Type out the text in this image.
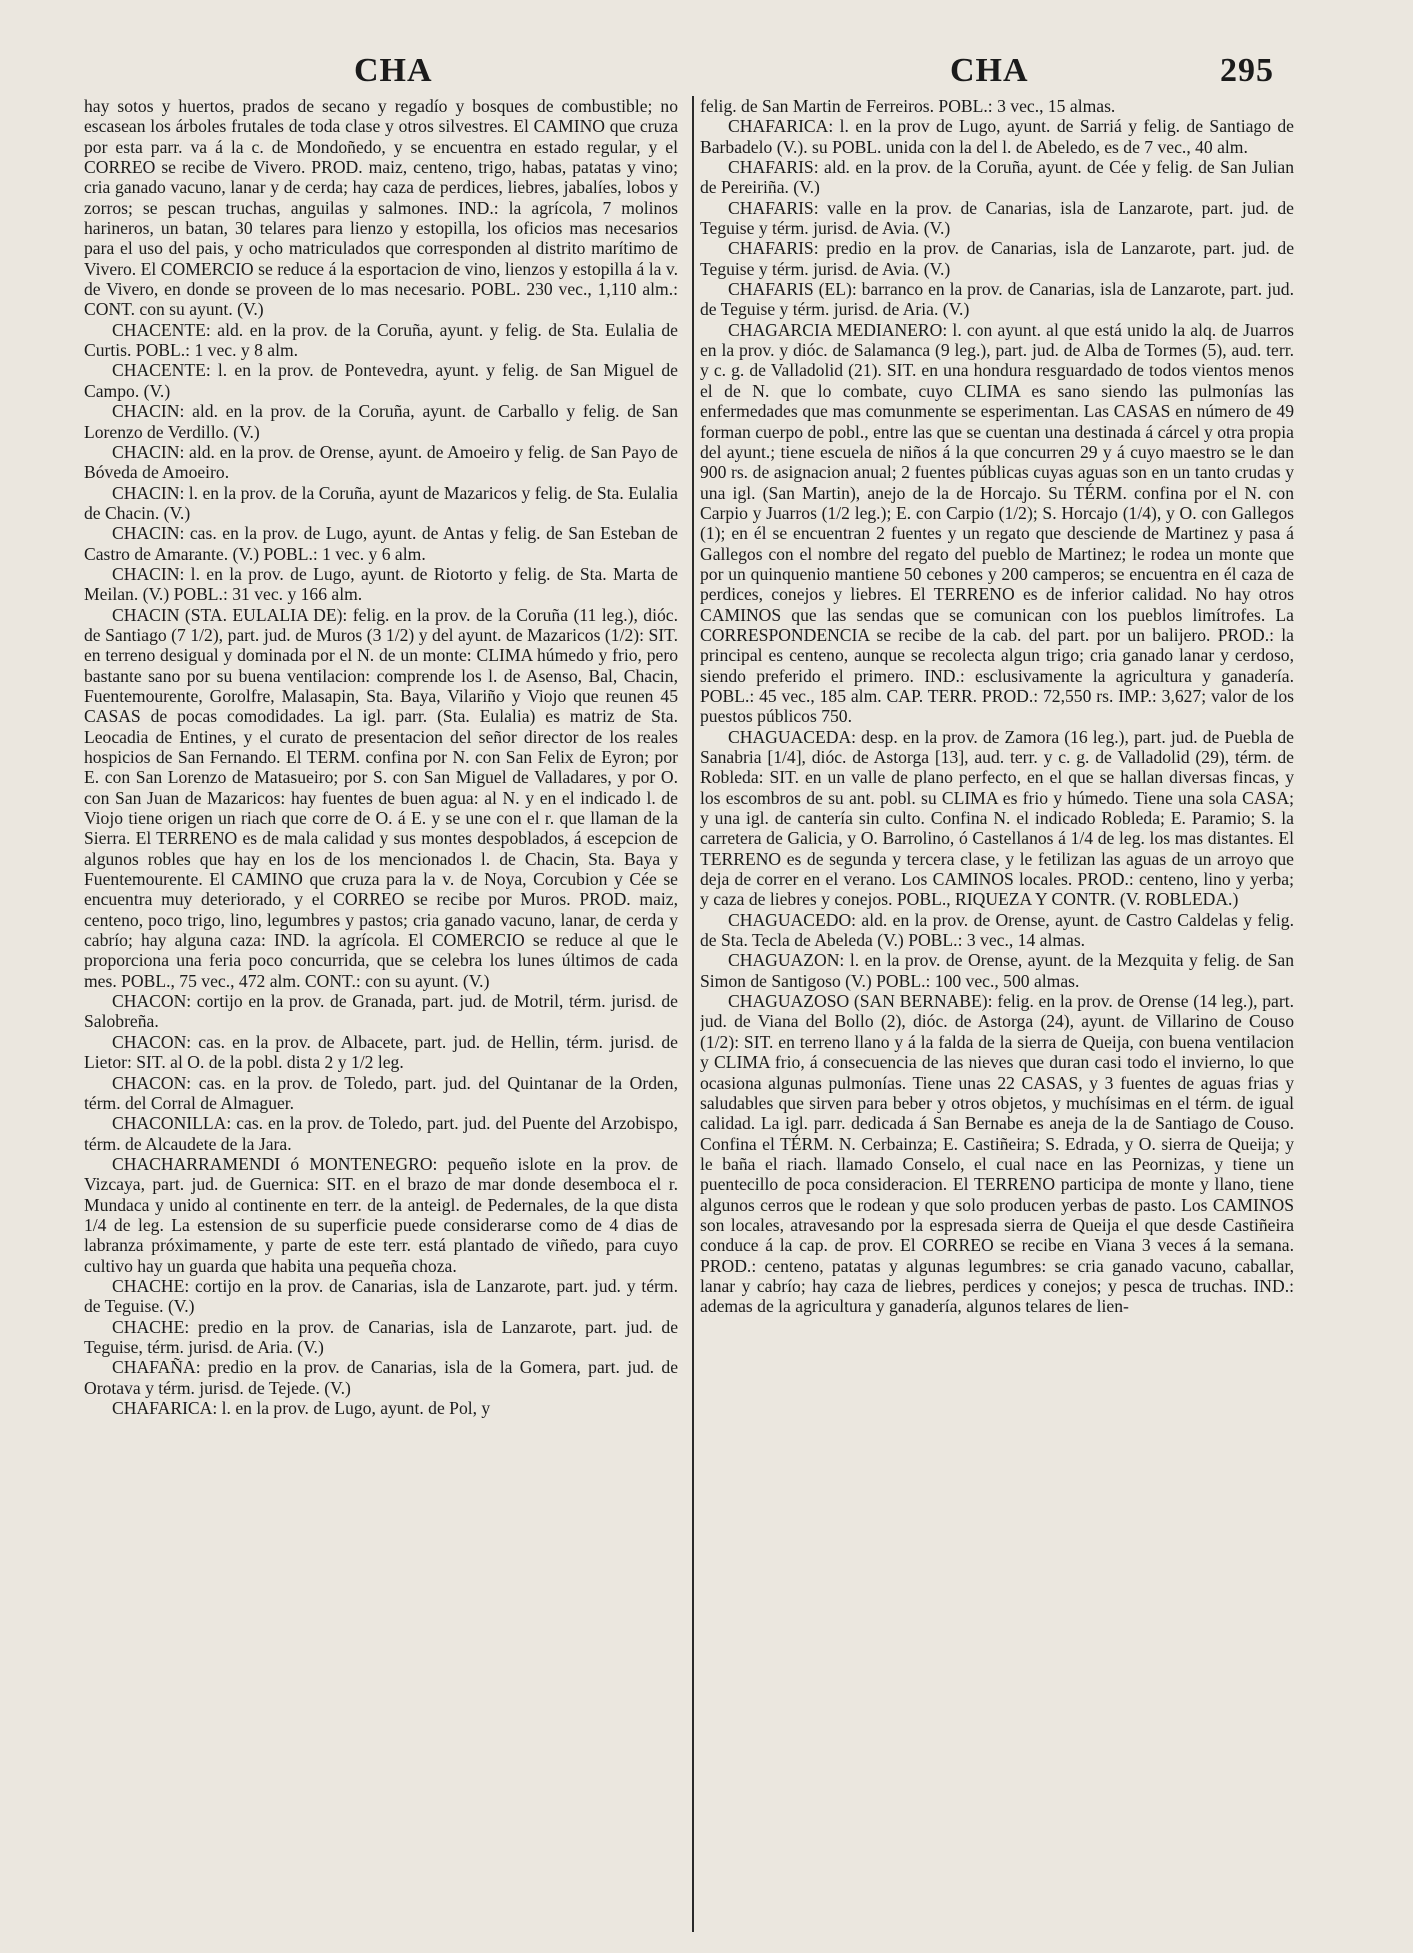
CHA	CHA	295

hay sotos y huertos, prados de secano y regadío y bosques de combustible; no escasean los árboles frutales de toda clase y otros silvestres. El CAMINO que cruza por esta parr. va á la c. de Mondoñedo, y se encuentra en estado regular, y el CORREO se recibe de Vivero. PROD. maiz, centeno, trigo, habas, patatas y vino; cria ganado vacuno, lanar y de cerda; hay caza de perdices, liebres, jabalíes, lobos y zorros; se pescan truchas, anguilas y salmones. IND.: la agrícola, 7 molinos harineros, un batan, 30 telares para lienzo y estopilla, los oficios mas necesarios para el uso del pais, y ocho matriculados que corresponden al distrito marítimo de Vivero. El COMERCIO se reduce á la esportacion de vino, lienzos y estopilla á la v. de Vivero, en donde se proveen de lo mas necesario. POBL. 230 vec., 1,110 alm.: CONT. con su ayunt. (V.)

CHACENTE: ald. en la prov. de la Coruña, ayunt. y felig. de Sta. Eulalia de Curtis. POBL.: 1 vec. y 8 alm.

CHACENTE: l. en la prov. de Pontevedra, ayunt. y felig. de San Miguel de Campo. (V.)

CHACIN: ald. en la prov. de la Coruña, ayunt. de Carballo y felig. de San Lorenzo de Verdillo. (V.)

CHACIN: ald. en la prov. de Orense, ayunt. de Amoeiro y felig. de San Payo de Bóveda de Amoeiro.

CHACIN: l. en la prov. de la Coruña, ayunt de Mazaricos y felig. de Sta. Eulalia de Chacin. (V.)

CHACIN: cas. en la prov. de Lugo, ayunt. de Antas y felig. de San Esteban de Castro de Amarante. (V.) POBL.: 1 vec. y 6 alm.

CHACIN: l. en la prov. de Lugo, ayunt. de Riotorto y felig. de Sta. Marta de Meilan. (V.) POBL.: 31 vec. y 166 alm.

CHACIN (STA. EULALIA DE): felig. en la prov. de la Coruña (11 leg.), dióc. de Santiago (7 1/2), part. jud. de Muros (3 1/2) y del ayunt. de Mazaricos (1/2): SIT. en terreno desigual y dominada por el N. de un monte: CLIMA húmedo y frio, pero bastante sano por su buena ventilacion: comprende los l. de Asenso, Bal, Chacin, Fuentemourente, Gorolfre, Malasapin, Sta. Baya, Vilariño y Viojo que reunen 45 CASAS de pocas comodidades. La igl. parr. (Sta. Eulalia) es matriz de Sta. Leocadia de Entines, y el curato de presentacion del señor director de los reales hospicios de San Fernando. El TERM. confina por N. con San Felix de Eyron; por E. con San Lorenzo de Matasueiro; por S. con San Miguel de Valladares, y por O. con San Juan de Mazaricos: hay fuentes de buen agua: al N. y en el indicado l. de Viojo tiene origen un riach que corre de O. á E. y se une con el r. que llaman de la Sierra. El TERRENO es de mala calidad y sus montes despoblados, á escepcion de algunos robles que hay en los de los mencionados l. de Chacin, Sta. Baya y Fuentemourente. El CAMINO que cruza para la v. de Noya, Corcubion y Cée se encuentra muy deteriorado, y el CORREO se recibe por Muros. PROD. maiz, centeno, poco trigo, lino, legumbres y pastos; cria ganado vacuno, lanar, de cerda y cabrío; hay alguna caza: IND. la agrícola. El COMERCIO se reduce al que le proporciona una feria poco concurrida, que se celebra los lunes últimos de cada mes. POBL., 75 vec., 472 alm. CONT.: con su ayunt. (V.)

CHACON: cortijo en la prov. de Granada, part. jud. de Motril, térm. jurisd. de Salobreña.

CHACON: cas. en la prov. de Albacete, part. jud. de Hellin, térm. jurisd. de Lietor: SIT. al O. de la pobl. dista 2 y 1/2 leg.

CHACON: cas. en la prov. de Toledo, part. jud. del Quintanar de la Orden, térm. del Corral de Almaguer.

CHACONILLA: cas. en la prov. de Toledo, part. jud. del Puente del Arzobispo, térm. de Alcaudete de la Jara.

CHACHARRAMENDI ó MONTENEGRO: pequeño islote en la prov. de Vizcaya, part. jud. de Guernica: SIT. en el brazo de mar donde desemboca el r. Mundaca y unido al continente en terr. de la anteigl. de Pedernales, de la que dista 1/4 de leg. La estension de su superficie puede considerarse como de 4 dias de labranza próximamente, y parte de este terr. está plantado de viñedo, para cuyo cultivo hay un guarda que habita una pequeña choza.

CHACHE: cortijo en la prov. de Canarias, isla de Lanzarote, part. jud. y térm. de Teguise. (V.)

CHACHE: predio en la prov. de Canarias, isla de Lanzarote, part. jud. de Teguise, térm. jurisd. de Aria. (V.)

CHAFAÑA: predio en la prov. de Canarias, isla de la Gomera, part. jud. de Orotava y térm. jurisd. de Tejede. (V.)

CHAFARICA: l. en la prov. de Lugo, ayunt. de Pol, y

felig. de San Martin de Ferreiros. POBL.: 3 vec., 15 almas.

CHAFARICA: l. en la prov de Lugo, ayunt. de Sarriá y felig. de Santiago de Barbadelo (V.). su POBL. unida con la del l. de Abeledo, es de 7 vec., 40 alm.

CHAFARIS: ald. en la prov. de la Coruña, ayunt. de Cée y felig. de San Julian de Pereiriña. (V.)

CHAFARIS: valle en la prov. de Canarias, isla de Lanzarote, part. jud. de Teguise y térm. jurisd. de Avia. (V.)

CHAFARIS: predio en la prov. de Canarias, isla de Lanzarote, part. jud. de Teguise y térm. jurisd. de Avia. (V.)

CHAFARIS (EL): barranco en la prov. de Canarias, isla de Lanzarote, part. jud. de Teguise y térm. jurisd. de Aria. (V.)

CHAGARCIA MEDIANERO: l. con ayunt. al que está unido la alq. de Juarros en la prov. y dióc. de Salamanca (9 leg.), part. jud. de Alba de Tormes (5), aud. terr. y c. g. de Valladolid (21). SIT. en una hondura resguardado de todos vientos menos el de N. que lo combate, cuyo CLIMA es sano siendo las pulmonías las enfermedades que mas comunmente se esperimentan. Las CASAS en número de 49 forman cuerpo de pobl., entre las que se cuentan una destinada á cárcel y otra propia del ayunt.; tiene escuela de niños á la que concurren 29 y á cuyo maestro se le dan 900 rs. de asignacion anual; 2 fuentes públicas cuyas aguas son en un tanto crudas y una igl. (San Martin), anejo de la de Horcajo. Su TÉRM. confina por el N. con Carpio y Juarros (1/2 leg.); E. con Carpio (1/2); S. Horcajo (1/4), y O. con Gallegos (1); en él se encuentran 2 fuentes y un regato que desciende de Martinez y pasa á Gallegos con el nombre del regato del pueblo de Martinez; le rodea un monte que por un quinquenio mantiene 50 cebones y 200 camperos; se encuentra en él caza de perdices, conejos y liebres. El TERRENO es de inferior calidad. No hay otros CAMINOS que las sendas que se comunican con los pueblos limítrofes. La CORRESPONDENCIA se recibe de la cab. del part. por un balijero. PROD.: la principal es centeno, aunque se recolecta algun trigo; cria ganado lanar y cerdoso, siendo preferido el primero. IND.: esclusivamente la agricultura y ganadería. POBL.: 45 vec., 185 alm. CAP. TERR. PROD.: 72,550 rs. IMP.: 3,627; valor de los puestos públicos 750.

CHAGUACEDA: desp. en la prov. de Zamora (16 leg.), part. jud. de Puebla de Sanabria [1/4], dióc. de Astorga [13], aud. terr. y c. g. de Valladolid (29), térm. de Robleda: SIT. en un valle de plano perfecto, en el que se hallan diversas fincas, y los escombros de su ant. pobl. su CLIMA es frio y húmedo. Tiene una sola CASA; y una igl. de cantería sin culto. Confina N. el indicado Robleda; E. Paramio; S. la carretera de Galicia, y O. Barrolino, ó Castellanos á 1/4 de leg. los mas distantes. El TERRENO es de segunda y tercera clase, y le fetilizan las aguas de un arroyo que deja de correr en el verano. Los CAMINOS locales. PROD.: centeno, lino y yerba; y caza de liebres y conejos. POBL., RIQUEZA Y CONTR. (V. ROBLEDA.)

CHAGUACEDO: ald. en la prov. de Orense, ayunt. de Castro Caldelas y felig. de Sta. Tecla de Abeleda (V.) POBL.: 3 vec., 14 almas.

CHAGUAZON: l. en la prov. de Orense, ayunt. de la Mezquita y felig. de San Simon de Santigoso (V.) POBL.: 100 vec., 500 almas.

CHAGUAZOSO (SAN BERNABE): felig. en la prov. de Orense (14 leg.), part. jud. de Viana del Bollo (2), dióc. de Astorga (24), ayunt. de Villarino de Couso (1/2): SIT. en terreno llano y á la falda de la sierra de Queija, con buena ventilacion y CLIMA frio, á consecuencia de las nieves que duran casi todo el invierno, lo que ocasiona algunas pulmonías. Tiene unas 22 CASAS, y 3 fuentes de aguas frias y saludables que sirven para beber y otros objetos, y muchísimas en el térm. de igual calidad. La igl. parr. dedicada á San Bernabe es aneja de la de Santiago de Couso. Confina el TÉRM. N. Cerbainza; E. Castiñeira; S. Edrada, y O. sierra de Queija; y le baña el riach. llamado Conselo, el cual nace en las Peornizas, y tiene un puentecillo de poca consideracion. El TERRENO participa de monte y llano, tiene algunos cerros que le rodean y que solo producen yerbas de pasto. Los CAMINOS son locales, atravesando por la espresada sierra de Queija el que desde Castiñeira conduce á la cap. de prov. El CORREO se recibe en Viana 3 veces á la semana. PROD.: centeno, patatas y algunas legumbres: se cria ganado vacuno, caballar, lanar y cabrío; hay caza de liebres, perdices y conejos; y pesca de truchas. IND.: ademas de la agricultura y ganadería, algunos telares de lien-
